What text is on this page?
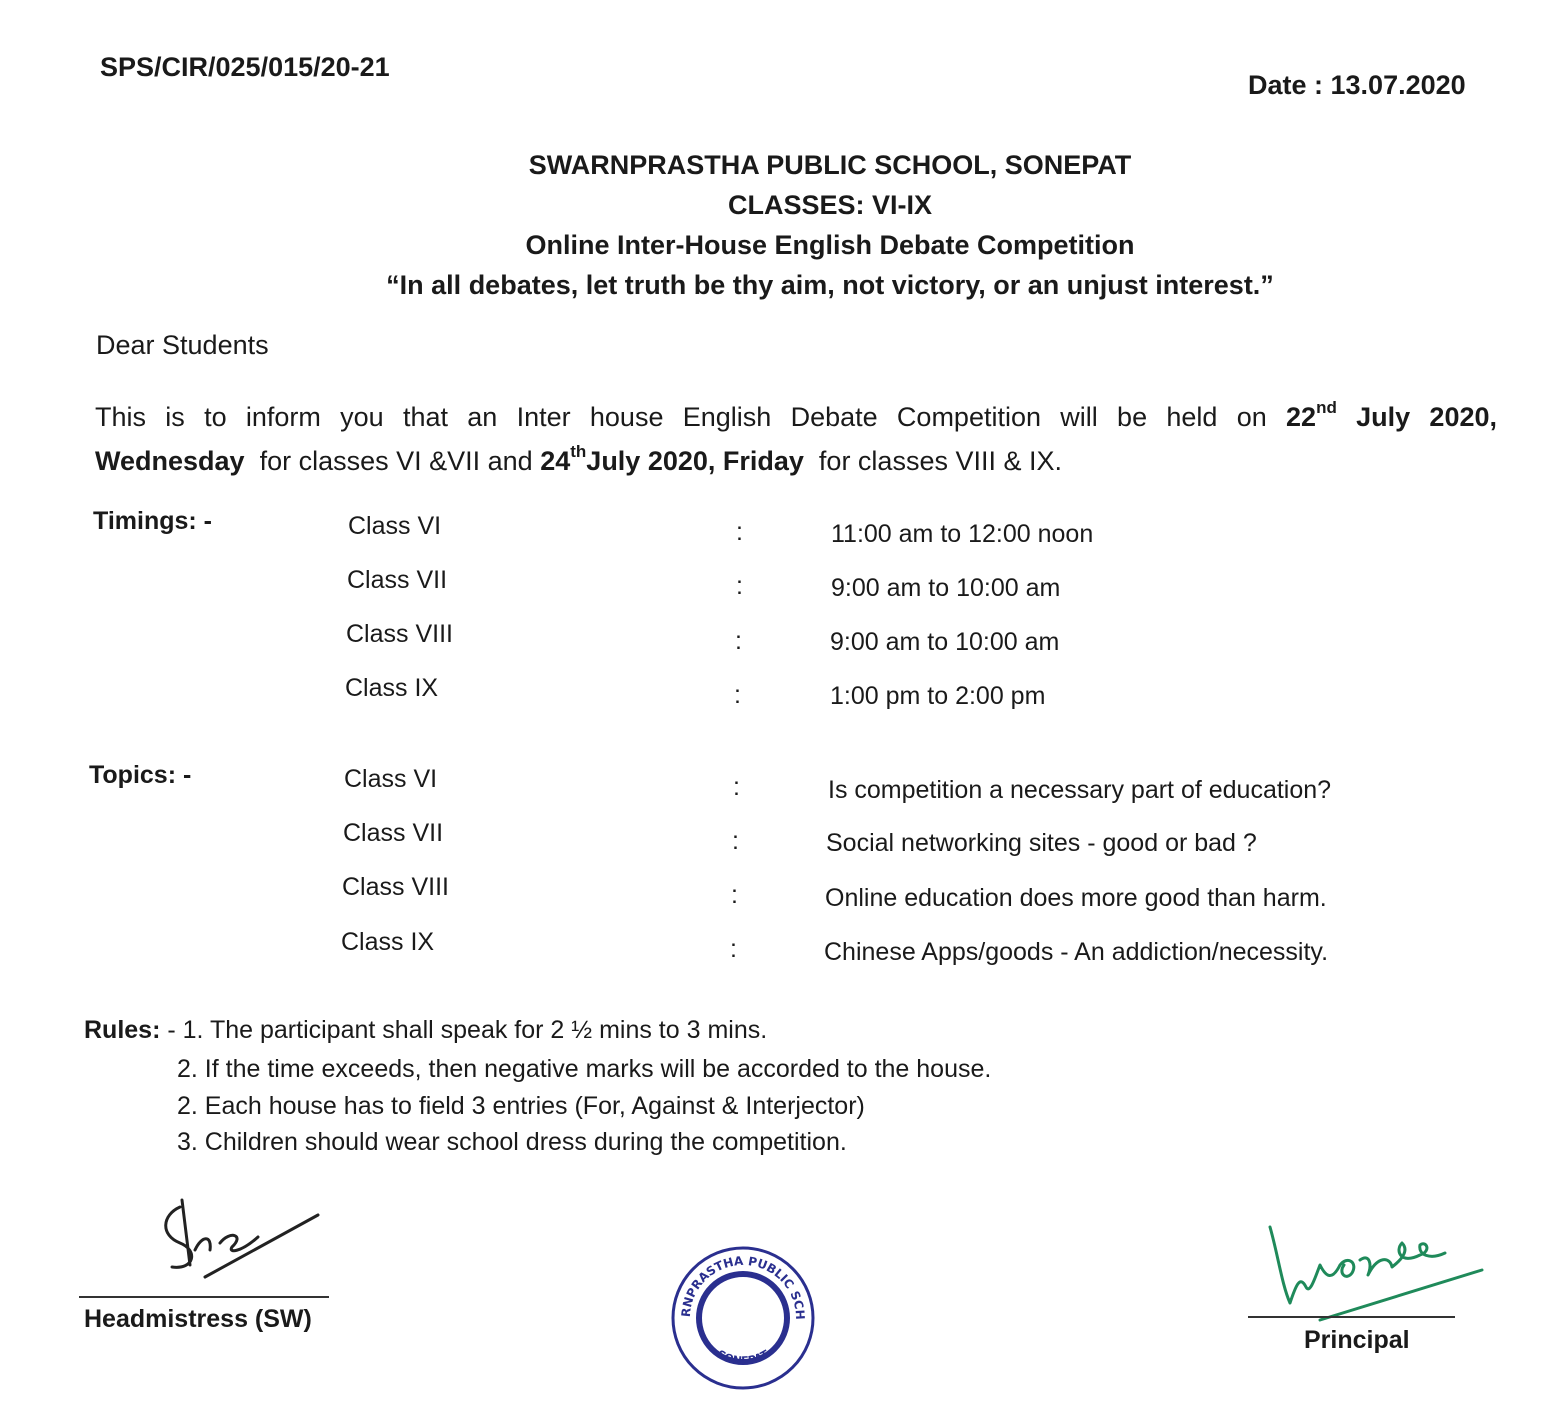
SPS/CIR/025/015/20-21
Date : 13.07.2020
SWARNPRASTHA PUBLIC SCHOOL, SONEPAT
CLASSES: VI-IX
Online Inter-House English Debate Competition
“In all debates, let truth be thy aim, not victory, or an unjust interest.”
Dear Students
This is to inform you that an Inter house English Debate Competition will be held on 22nd July 2020,
Wednesday  for classes VI &VII and 24thJuly 2020, Friday  for classes VIII & IX.
Timings: -	Class VI	:	11:00 am to 12:00 noon
Class VII	:	9:00 am to 10:00 am
Class VIII	:	9:00 am to 10:00 am
Class IX	:	1:00 pm to 2:00 pm
Topics: -	Class VI	:	Is competition a necessary part of education?
Class VII	:	Social networking sites - good or bad ?
Class VIII	:	Online education does more good than harm.
Class IX	:	Chinese Apps/goods - An addiction/necessity.
Rules: - 1. The participant shall speak for 2 ½ mins to 3 mins.
2. If the time exceeds, then negative marks will be accorded to the house.
2. Each house has to field 3 entries (For, Against & Interjector)
3. Children should wear school dress during the competition.
Headmistress (SW)
SWARNPRASTHA PUBLIC SCHOOL
SONEPAT
Principal
